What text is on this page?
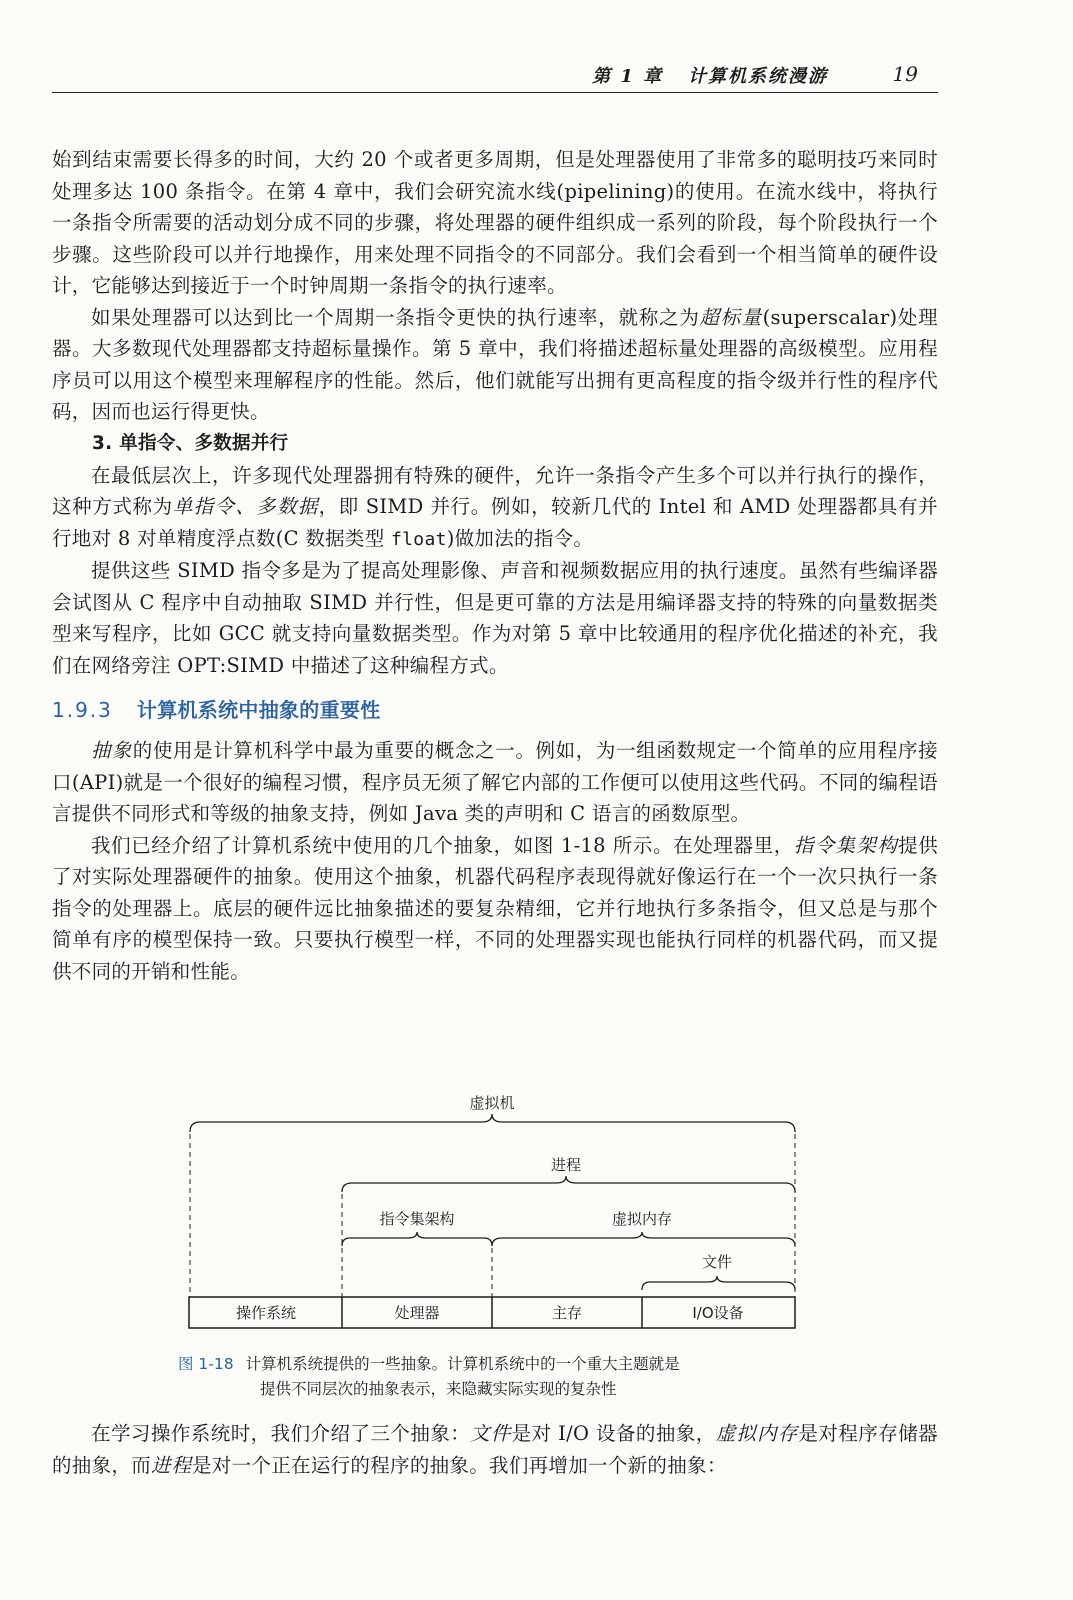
第 1 章 计算机系统漫游	19

始到结束需要长得多的时间，大约 20 个或者更多周期，但是处理器使用了非常多的聪明技巧来同时处理多达 100 条指令。在第 4 章中，我们会研究流水线(pipelining)的使用。在流水线中，将执行一条指令所需要的活动划分成不同的步骤，将处理器的硬件组织成一系列的阶段，每个阶段执行一个步骤。这些阶段可以并行地操作，用来处理不同指令的不同部分。我们会看到一个相当简单的硬件设计，它能够达到接近于一个时钟周期一条指令的执行速率。

如果处理器可以达到比一个周期一条指令更快的执行速率，就称之为超标量(superscalar)处理器。大多数现代处理器都支持超标量操作。第 5 章中，我们将描述超标量处理器的高级模型。应用程序员可以用这个模型来理解程序的性能。然后，他们就能写出拥有更高程度的指令级并行性的程序代码，因而也运行得更快。

3. 单指令、多数据并行

在最低层次上，许多现代处理器拥有特殊的硬件，允许一条指令产生多个可以并行执行的操作，这种方式称为单指令、多数据，即 SIMD 并行。例如，较新几代的 Intel 和 AMD 处理器都具有并行地对 8 对单精度浮点数(C 数据类型 float)做加法的指令。

提供这些 SIMD 指令多是为了提高处理影像、声音和视频数据应用的执行速度。虽然有些编译器会试图从 C 程序中自动抽取 SIMD 并行性，但是更可靠的方法是用编译器支持的特殊的向量数据类型来写程序，比如 GCC 就支持向量数据类型。作为对第 5 章中比较通用的程序优化描述的补充，我们在网络旁注 OPT:SIMD 中描述了这种编程方式。

1.9.3 计算机系统中抽象的重要性

抽象的使用是计算机科学中最为重要的概念之一。例如，为一组函数规定一个简单的应用程序接口(API)就是一个很好的编程习惯，程序员无须了解它内部的工作便可以使用这些代码。不同的编程语言提供不同形式和等级的抽象支持，例如 Java 类的声明和 C 语言的函数原型。

我们已经介绍了计算机系统中使用的几个抽象，如图 1-18 所示。在处理器里，指令集架构提供了对实际处理器硬件的抽象。使用这个抽象，机器代码程序表现得就好像运行在一个一次只执行一条指令的处理器上。底层的硬件远比抽象描述的要复杂精细，它并行地执行多条指令，但又总是与那个简单有序的模型保持一致。只要执行模型一样，不同的处理器实现也能执行同样的机器代码，而又提供不同的开销和性能。

虚拟机
进程
指令集架构	虚拟内存
文件
操作系统	处理器	主存	I/O设备
图 1-18 计算机系统提供的一些抽象。计算机系统中的一个重大主题就是
提供不同层次的抽象表示，来隐藏实际实现的复杂性

在学习操作系统时，我们介绍了三个抽象：文件是对 I/O 设备的抽象，虚拟内存是对程序存储器的抽象，而进程是对一个正在运行的程序的抽象。我们再增加一个新的抽象：
